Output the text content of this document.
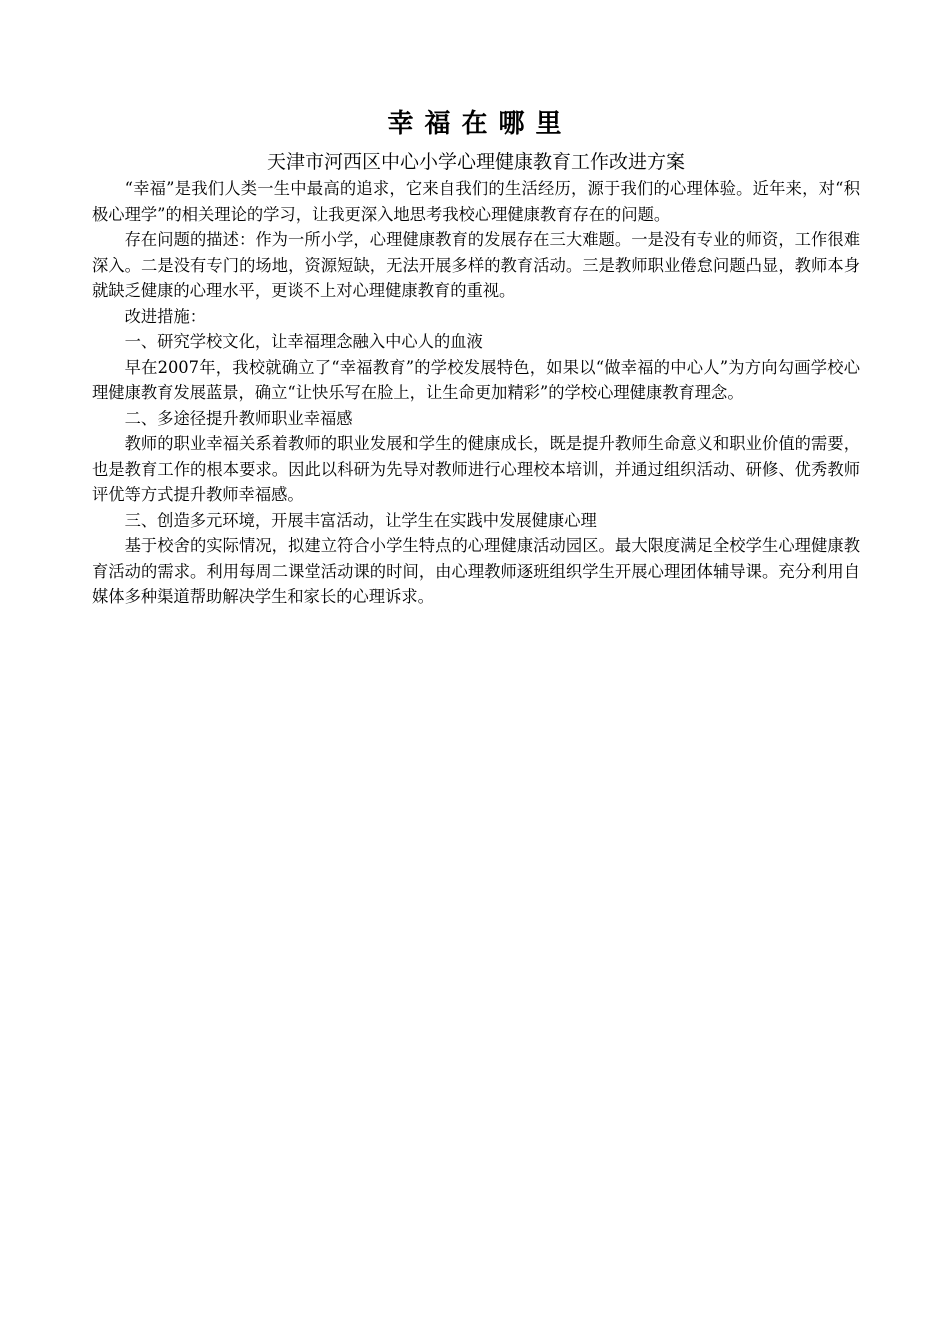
幸福在哪里

天津市河西区中心小学心理健康教育工作改进方案

“幸福”是我们人类一生中最高的追求，它来自我们的生活经历，源于我们的心理体验。近年来，对“积极心理学”的相关理论的学习，让我更深入地思考我校心理健康教育存在的问题。

存在问题的描述：作为一所小学，心理健康教育的发展存在三大难题。一是没有专业的师资，工作很难深入。二是没有专门的场地，资源短缺，无法开展多样的教育活动。三是教师职业倦怠问题凸显，教师本身就缺乏健康的心理水平，更谈不上对心理健康教育的重视。

改进措施：

一、研究学校文化，让幸福理念融入中心人的血液

早在2007年，我校就确立了“幸福教育”的学校发展特色，如果以“做幸福的中心人”为方向勾画学校心理健康教育发展蓝景，确立“让快乐写在脸上，让生命更加精彩”的学校心理健康教育理念。

二、多途径提升教师职业幸福感

教师的职业幸福关系着教师的职业发展和学生的健康成长，既是提升教师生命意义和职业价值的需要，也是教育工作的根本要求。因此以科研为先导对教师进行心理校本培训，并通过组织活动、研修、优秀教师评优等方式提升教师幸福感。

三、创造多元环境，开展丰富活动，让学生在实践中发展健康心理

基于校舍的实际情况，拟建立符合小学生特点的心理健康活动园区。最大限度满足全校学生心理健康教育活动的需求。利用每周二课堂活动课的时间，由心理教师逐班组织学生开展心理团体辅导课。充分利用自媒体多种渠道帮助解决学生和家长的心理诉求。
